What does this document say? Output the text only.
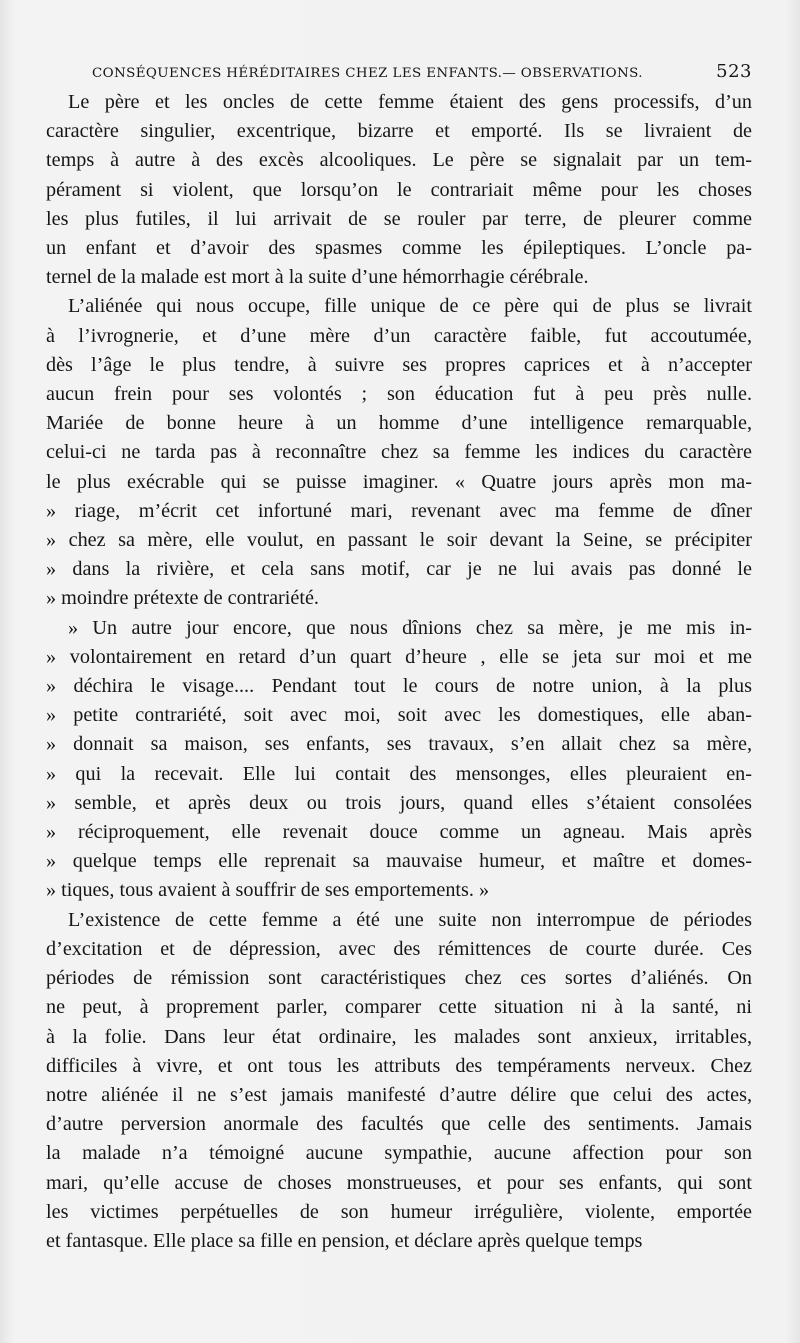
CONSÉQUENCES HÉRÉDITAIRES CHEZ LES ENFANTS.— OBSERVATIONS.	523
Le père et les oncles de cette femme étaient des gens processifs, d’un
caractère singulier, excentrique, bizarre et emporté. Ils se livraient de
temps à autre à des excès alcooliques. Le père se signalait par un tem-
pérament si violent, que lorsqu’on le contrariait même pour les choses
les plus futiles, il lui arrivait de se rouler par terre, de pleurer comme
un enfant et d’avoir des spasmes comme les épileptiques. L’oncle pa-
ternel de la malade est mort à la suite d’une hémorrhagie cérébrale.
L’aliénée qui nous occupe, fille unique de ce père qui de plus se livrait
à l’ivrognerie, et d’une mère d’un caractère faible, fut accoutumée,
dès l’âge le plus tendre, à suivre ses propres caprices et à n’accepter
aucun frein pour ses volontés ; son éducation fut à peu près nulle.
Mariée de bonne heure à un homme d’une intelligence remarquable,
celui-ci ne tarda pas à reconnaître chez sa femme les indices du caractère
le plus exécrable qui se puisse imaginer. « Quatre jours après mon ma-
» riage, m’écrit cet infortuné mari, revenant avec ma femme de dîner
» chez sa mère, elle voulut, en passant le soir devant la Seine, se précipiter
» dans la rivière, et cela sans motif, car je ne lui avais pas donné le
» moindre prétexte de contrariété.
» Un autre jour encore, que nous dînions chez sa mère, je me mis in-
» volontairement en retard d’un quart d’heure , elle se jeta sur moi et me
» déchira le visage.... Pendant tout le cours de notre union, à la plus
» petite contrariété, soit avec moi, soit avec les domestiques, elle aban-
» donnait sa maison, ses enfants, ses travaux, s’en allait chez sa mère,
» qui la recevait. Elle lui contait des mensonges, elles pleuraient en-
» semble, et après deux ou trois jours, quand elles s’étaient consolées
» réciproquement, elle revenait douce comme un agneau. Mais après
» quelque temps elle reprenait sa mauvaise humeur, et maître et domes-
» tiques, tous avaient à souffrir de ses emportements. »
L’existence de cette femme a été une suite non interrompue de périodes
d’excitation et de dépression, avec des rémittences de courte durée. Ces
périodes de rémission sont caractéristiques chez ces sortes d’aliénés. On
ne peut, à proprement parler, comparer cette situation ni à la santé, ni
à la folie. Dans leur état ordinaire, les malades sont anxieux, irritables,
difficiles à vivre, et ont tous les attributs des tempéraments nerveux. Chez
notre aliénée il ne s’est jamais manifesté d’autre délire que celui des actes,
d’autre perversion anormale des facultés que celle des sentiments. Jamais
la malade n’a témoigné aucune sympathie, aucune affection pour son
mari, qu’elle accuse de choses monstrueuses, et pour ses enfants, qui sont
les victimes perpétuelles de son humeur irrégulière, violente, emportée
et fantasque. Elle place sa fille en pension, et déclare après quelque temps
